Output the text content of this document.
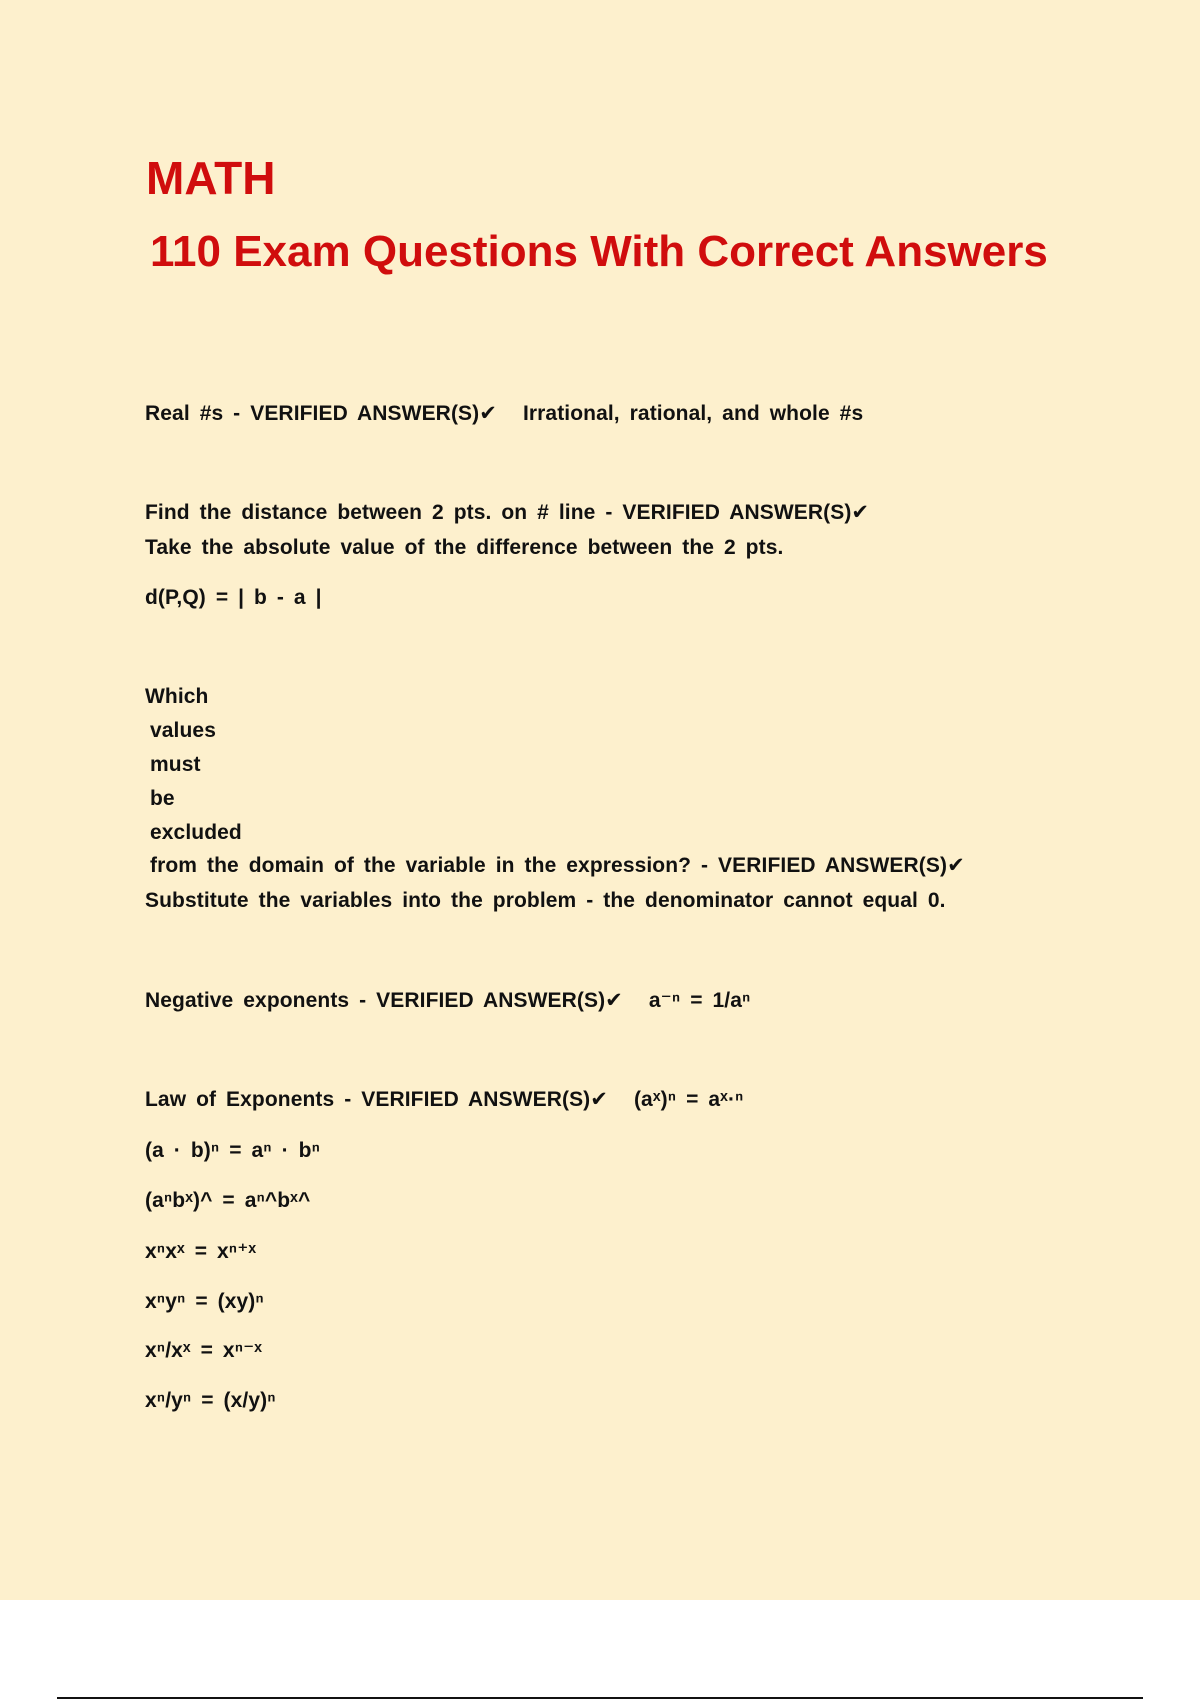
MATH
110 Exam Questions With Correct Answers
Real #s - VERIFIED ANSWER(S)✔ Irrational, rational, and whole #s
Find the distance between 2 pts. on # line - VERIFIED ANSWER(S)✔
Take the absolute value of the difference between the 2 pts.
d(P,Q) = | b - a |
Which
values
must
be
excluded
from the domain of the variable in the expression? - VERIFIED ANSWER(S)✔
Substitute the variables into the problem - the denominator cannot equal 0.
Negative exponents - VERIFIED ANSWER(S)✔ a⁻ⁿ = 1/aⁿ
Law of Exponents - VERIFIED ANSWER(S)✔ (aˣ)ⁿ = aˣ·ⁿ
(a · b)ⁿ = aⁿ · bⁿ
(aⁿbˣ)^ = aⁿ^bˣ^
xⁿxˣ = xⁿ⁺ˣ
xⁿyⁿ = (xy)ⁿ
xⁿ/xˣ = xⁿ⁻ˣ
xⁿ/yⁿ = (x/y)ⁿ
